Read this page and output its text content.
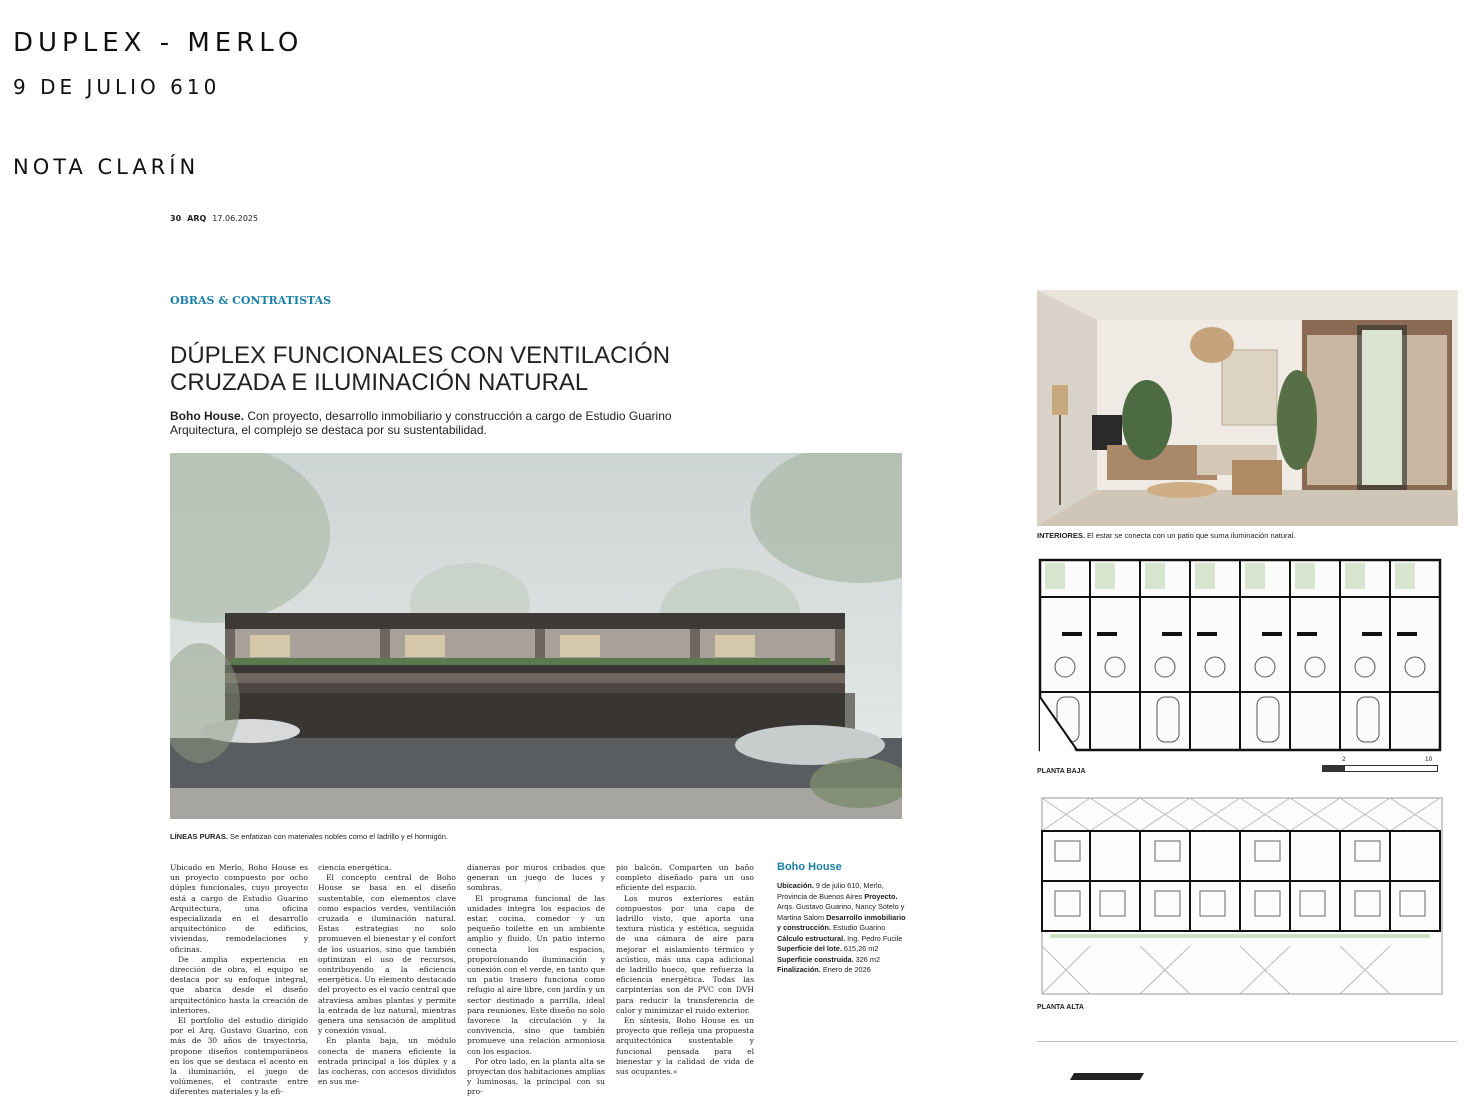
DUPLEX - MERLO
9 DE JULIO 610
NOTA CLARÍN
30 ARQ 17.06.2025
OBRAS & CONTRATISTAS
DÚPLEX FUNCIONALES CON VENTILACIÓN CRUZADA E ILUMINACIÓN NATURAL
Boho House. Con proyecto, desarrollo inmobiliario y construcción a cargo de Estudio Guarino Arquitectura, el complejo se destaca por su sustentabilidad.
LÍNEAS PURAS. Se enfatizan con materiales nobles como el ladrillo y el hormigón.

Ubicado en Merlo, Boho House es un proyecto compuesto por ocho dúplex funcionales, cuyo proyecto está a cargo de Estudio Guarino Arquitectura, una oficina especializada en el desarrollo arquitectónico de edificios, viviendas, remodelaciones y oficinas.

De amplia experiencia en dirección de obra, el equipo se destaca por su enfoque integral, que abarca desde el diseño arquitectónico hasta la creación de interiores.

El portfolio del estudio dirigido por el Arq. Gustavo Guarino, con más de 30 años de trayectoria, propone diseños contemporáneos en los que se destaca el acento en la iluminación, el juego de volúmenes, el contraste entre diferentes materiales y la efi-

ciencia energética.

El concepto central de Boho House se basa en el diseño sustentable, con elementos clave como espacios verdes, ventilación cruzada e iluminación natural. Estas estrategias no solo promueven el bienestar y el confort de los usuarios, sino que también optimizan el uso de recursos, contribuyendo a la eficiencia energética. Un elemento destacado del proyecto es el vacío central que atraviesa ambas plantas y permite la entrada de luz natural, mientras genera una sensación de amplitud y conexión visual.

En planta baja, un módulo conecta de manera eficiente la entrada principal a los dúplex y a las cocheras, con accesos divididos en sus me-

dianeras por muros cribados que generan un juego de luces y sombras.

El programa funcional de las unidades integra los espacios de estar, cocina, comedor y un pequeño toilette en un ambiente amplio y fluido. Un patio interno conecta los espacios, proporcionando iluminación y conexión con el verde, en tanto que un patio trasero funciona como refugio al aire libre, con jardín y un sector destinado a parrilla, ideal para reuniones. Este diseño no solo favorece la circulación y la convivencia, sino que también promueve una relación armoniosa con los espacios.

Por otro lado, en la planta alta se proyectan dos habitaciones amplias y luminosas, la principal con su pro-

pio balcón. Comparten un baño completo diseñado para un uso eficiente del espacio.

Los muros exteriores están compuestos por una capa de ladrillo visto, que aporta una textura rústica y estética, seguida de una cámara de aire para mejorar el aislamiento térmico y acústico, más una capa adicional de ladrillo hueco, que refuerza la eficiencia energética. Todas las carpinterías son de PVC con DVH para reducir la transferencia de calor y minimizar el ruido exterior.

En síntesis, Boho House es un proyecto que refleja una propuesta arquitectónica sustentable y funcional pensada para el bienestar y la calidad de vida de sus ocupantes.«

Boho House
Ubicación. 9 de julio 610, Merlo, Provincia de Buenos Aires Proyecto. Arqs. Gustavo Guarino, Nancy Sotelo y Martina Salom Desarrollo inmobiliario y construcción. Estudio Guarino Cálculo estructural. Ing. Pedro Fucile
Superficie del lote. 615,26 m2
Superficie construida. 326 m2
Finalización. Enero de 2026
INTERIORES. El estar se conecta con un patio que suma iluminación natural.
PLANTA BAJA
2	10
PLANTA ALTA
